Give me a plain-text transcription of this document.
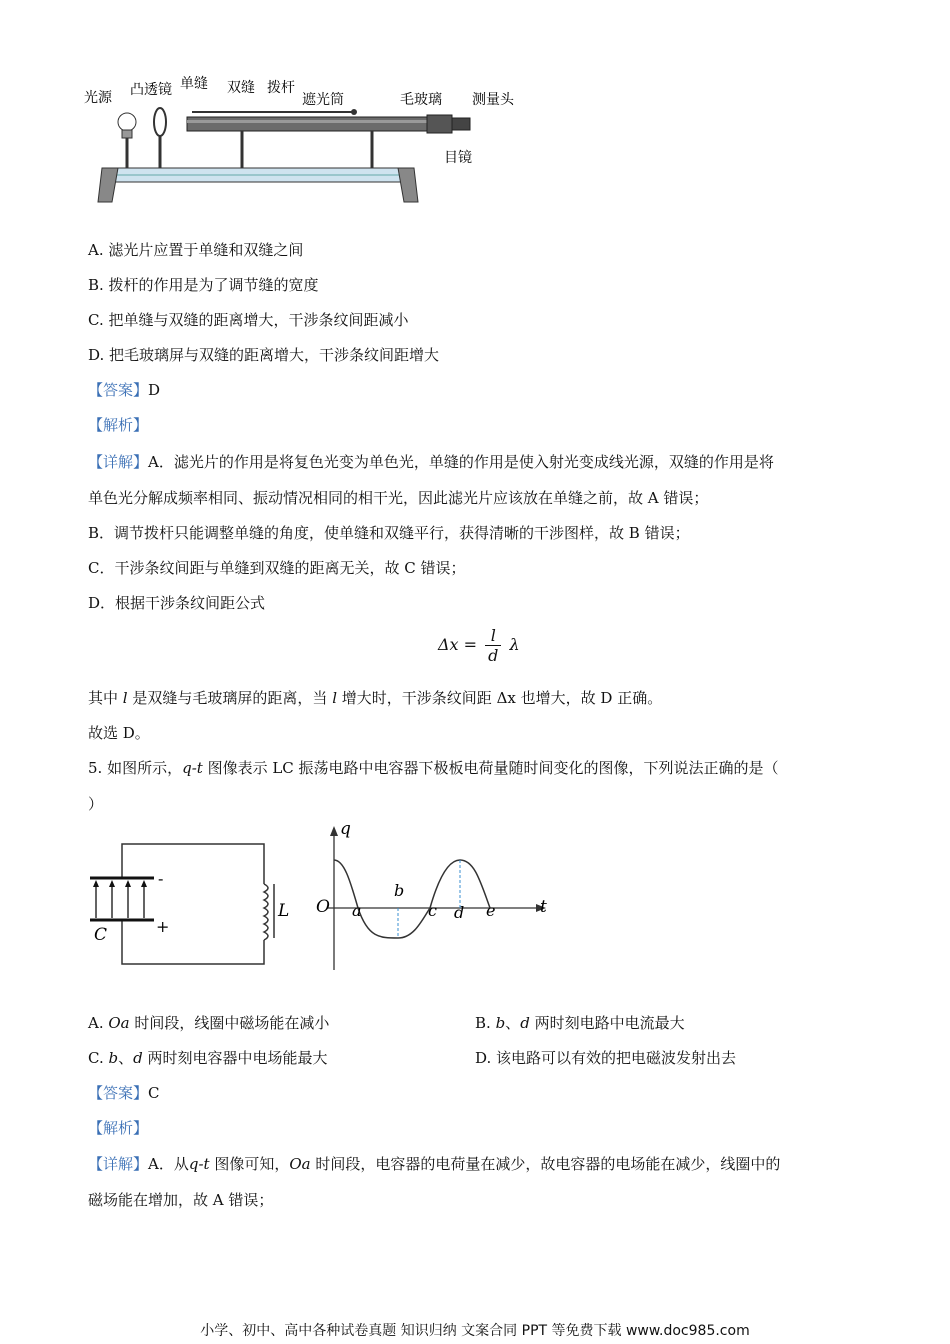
光源 凸透镜 单缝 双缝 拨杆
遮光筒	毛玻璃 测量头
目镜
A. 滤光片应置于单缝和双缝之间
B. 拨杆的作用是为了调节缝的宽度
C. 把单缝与双缝的距离增大，干涉条纹间距减小
D. 把毛玻璃屏与双缝的距离增大，干涉条纹间距增大
【答案】D
【解析】
【详解】A．滤光片的作用是将复色光变为单色光，单缝的作用是使入射光变成线光源，双缝的作用是将
单色光分解成频率相同、振动情况相同的相干光，因此滤光片应该放在单缝之前，故 A 错误；
B．调节拨杆只能调整单缝的角度，使单缝和双缝平行，获得清晰的干涉图样，故 B 错误；
C．干涉条纹间距与单缝到双缝的距离无关，故 C 错误；
D．根据干涉条纹间距公式
$\Delta x = \frac{l}{d}$ λ
其中 l 是双缝与毛玻璃屏的距离，当 l 增大时，干涉条纹间距 Δx 也增大，故 D 正确。
故选 D。
5. 如图所示，q-t 图像表示 LC 振荡电路中电容器下极板电荷量随时间变化的图像，下列说法正确的是（
）
-
+
C
L
q
t
O a
b
c d e
A. Oa 时间段，线圈中磁场能在减小	B. b、d 两时刻电路中电流最大
C. b、d 两时刻电容器中电场能最大	D. 该电路可以有效的把电磁波发射出去
【答案】C
【解析】
【详解】A．从q-t 图像可知，Oa 时间段，电容器的电荷量在减少，故电容器的电场能在减少，线圈中的
磁场能在增加，故 A 错误；
小学、初中、高中各种试卷真题 知识归纳 文案合同 PPT 等免费下载 www.doc985.com
